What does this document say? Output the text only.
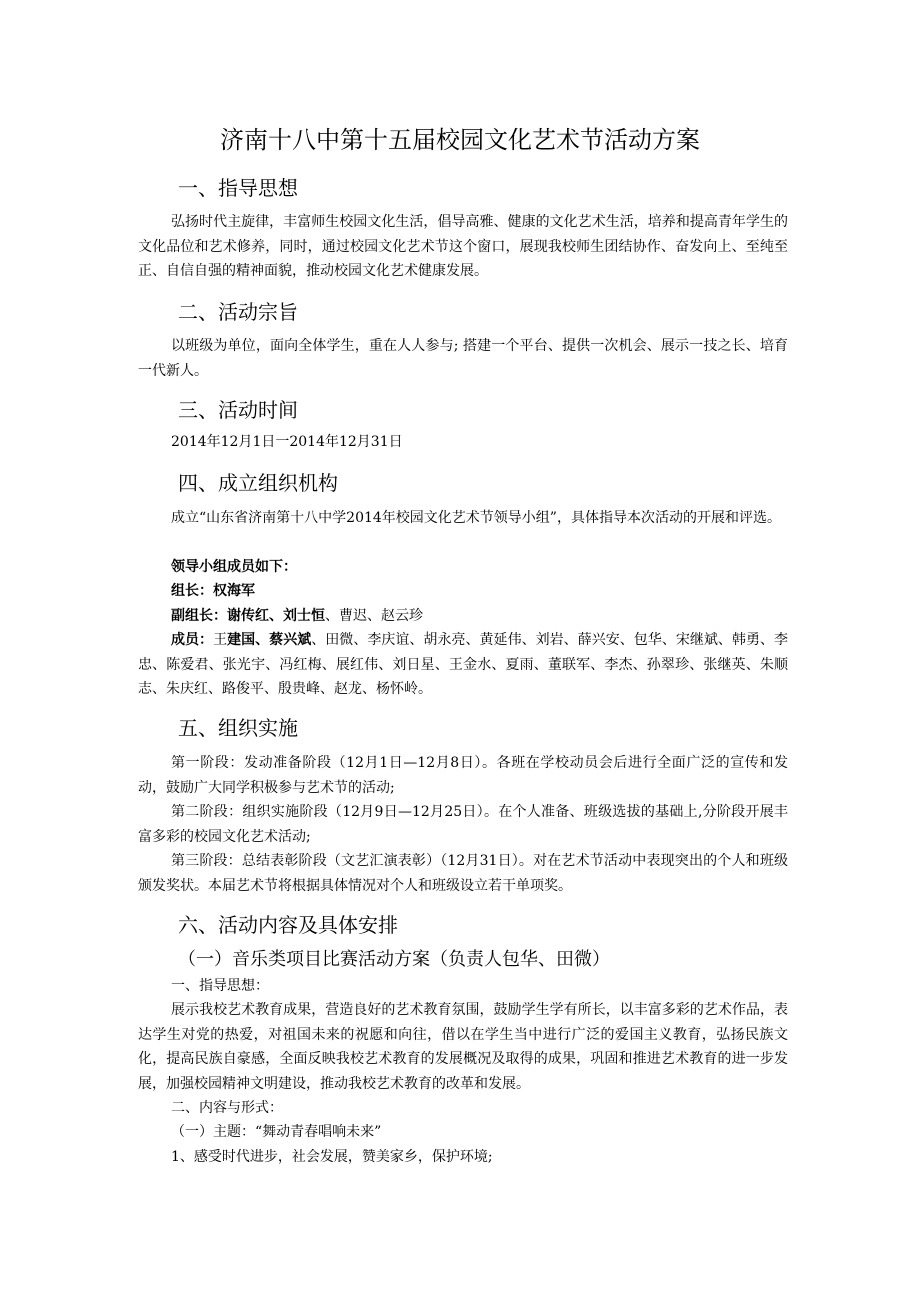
济南十八中第十五届校园文化艺术节活动方案
一、指导思想

弘扬时代主旋律，丰富师生校园文化生活，倡导高雅、健康的文化艺术生活，培养和提高青年学生的文化品位和艺术修养，同时，通过校园文化艺术节这个窗口，展现我校师生团结协作、奋发向上、至纯至正、自信自强的精神面貌，推动校园文化艺术健康发展。

二、活动宗旨

以班级为单位，面向全体学生，重在人人参与; 搭建一个平台、提供一次机会、展示一技之长、培育一代新人。

三、活动时间

2014年12月1日一2014年12月31日

四、成立组织机构

成立“山东省济南第十八中学2014年校园文化艺术节领导小组”，具体指导本次活动的开展和评选。

领导小组成员如下：
组长：权海军
副组长：谢传红、刘士恒、曹迟、赵云珍

成员：王建国、蔡兴斌、田微、李庆谊、胡永亮、黄延伟、刘岩、薛兴安、包华、宋继斌、韩勇、李忠、陈爱君、张光宇、冯红梅、展红伟、刘日星、王金水、夏雨、董联军、李杰、孙翠珍、张继英、朱顺志、朱庆红、路俊平、殷贵峰、赵龙、杨怀岭。

五、组织实施

第一阶段：发动准备阶段（12月1日—12月8日）。各班在学校动员会后进行全面广泛的宣传和发动，鼓励广大同学积极参与艺术节的活动;

第二阶段：组织实施阶段（12月9日—12月25日）。在个人准备、班级选拔的基础上,分阶段开展丰富多彩的校园文化艺术活动;

第三阶段：总结表彰阶段（文艺汇演表彰）（12月31日）。对在艺术节活动中表现突出的个人和班级颁发奖状。本届艺术节将根据具体情况对个人和班级设立若干单项奖。

六、活动内容及具体安排
（一）音乐类项目比赛活动方案（负责人包华、田微）
一、指导思想：

展示我校艺术教育成果，营造良好的艺术教育氛围，鼓励学生学有所长，以丰富多彩的艺术作品，表达学生对党的热爱，对祖国未来的祝愿和向往，借以在学生当中进行广泛的爱国主义教育，弘扬民族文化，提高民族自豪感，全面反映我校艺术教育的发展概况及取得的成果，巩固和推进艺术教育的进一步发展，加强校园精神文明建设，推动我校艺术教育的改革和发展。

二、内容与形式：
（一）主题：“舞动青春唱响未来”
1、感受时代进步，社会发展，赞美家乡，保护环境;
